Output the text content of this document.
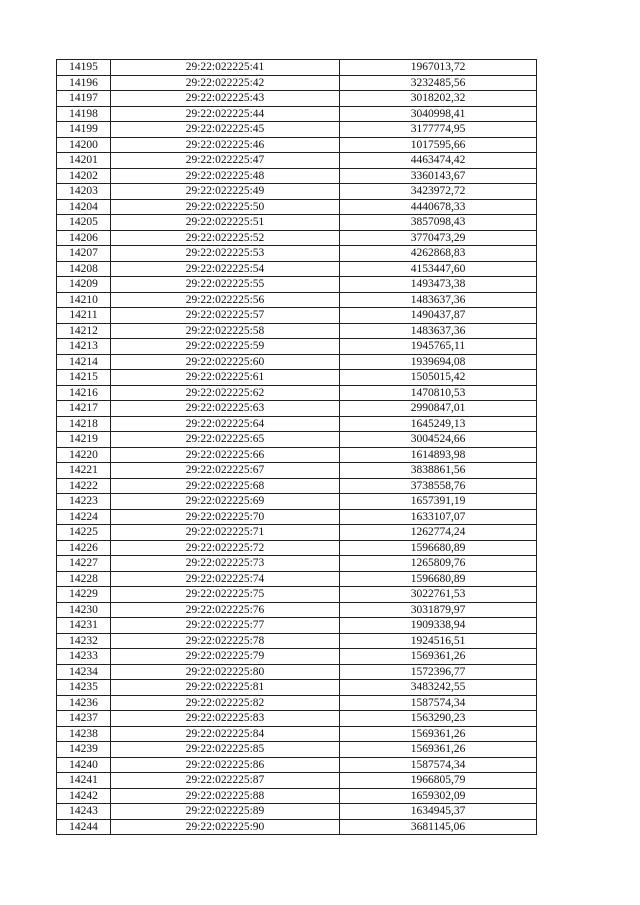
14195	29:22:022225:41	1967013,72
14196	29:22:022225:42	3232485,56
14197	29:22:022225:43	3018202,32
14198	29:22:022225:44	3040998,41
14199	29:22:022225:45	3177774,95
14200	29:22:022225:46	1017595,66
14201	29:22:022225:47	4463474,42
14202	29:22:022225:48	3360143,67
14203	29:22:022225:49	3423972,72
14204	29:22:022225:50	4440678,33
14205	29:22:022225:51	3857098,43
14206	29:22:022225:52	3770473,29
14207	29:22:022225:53	4262868,83
14208	29:22:022225:54	4153447,60
14209	29:22:022225:55	1493473,38
14210	29:22:022225:56	1483637,36
14211	29:22:022225:57	1490437,87
14212	29:22:022225:58	1483637,36
14213	29:22:022225:59	1945765,11
14214	29:22:022225:60	1939694,08
14215	29:22:022225:61	1505015,42
14216	29:22:022225:62	1470810,53
14217	29:22:022225:63	2990847,01
14218	29:22:022225:64	1645249,13
14219	29:22:022225:65	3004524,66
14220	29:22:022225:66	1614893,98
14221	29:22:022225:67	3838861,56
14222	29:22:022225:68	3738558,76
14223	29:22:022225:69	1657391,19
14224	29:22:022225:70	1633107,07
14225	29:22:022225:71	1262774,24
14226	29:22:022225:72	1596680,89
14227	29:22:022225:73	1265809,76
14228	29:22:022225:74	1596680,89
14229	29:22:022225:75	3022761,53
14230	29:22:022225:76	3031879,97
14231	29:22:022225:77	1909338,94
14232	29:22:022225:78	1924516,51
14233	29:22:022225:79	1569361,26
14234	29:22:022225:80	1572396,77
14235	29:22:022225:81	3483242,55
14236	29:22:022225:82	1587574,34
14237	29:22:022225:83	1563290,23
14238	29:22:022225:84	1569361,26
14239	29:22:022225:85	1569361,26
14240	29:22:022225:86	1587574,34
14241	29:22:022225:87	1966805,79
14242	29:22:022225:88	1659302,09
14243	29:22:022225:89	1634945,37
14244	29:22:022225:90	3681145,06
